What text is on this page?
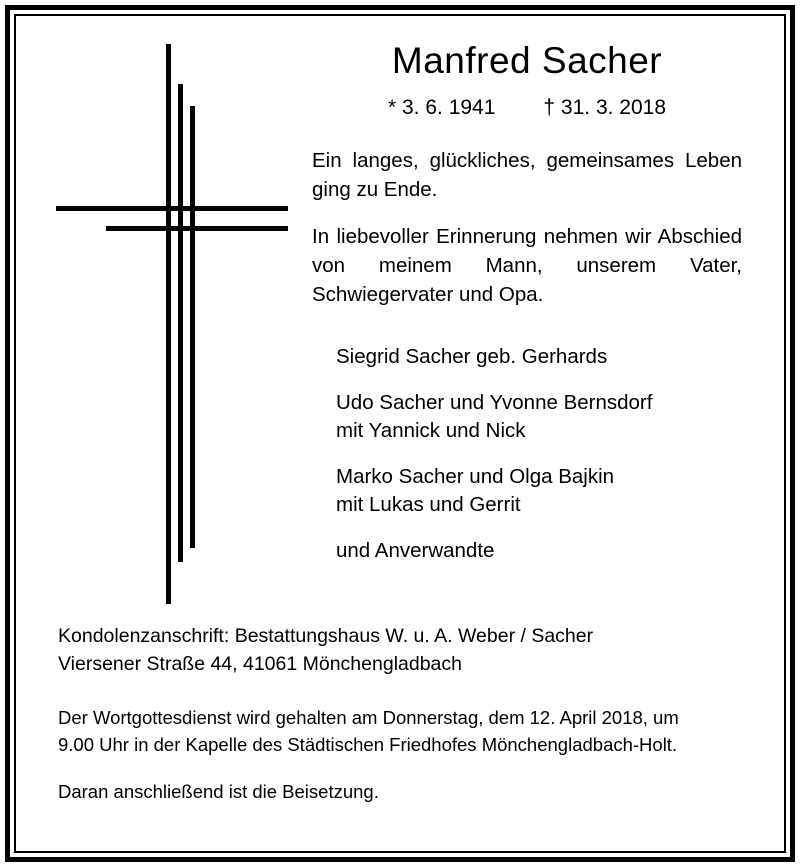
Manfred Sacher
* 3. 6. 1941 † 31. 3. 2018

Ein langes, glückliches, gemeinsames Leben ging zu Ende.

In liebevoller Erinnerung nehmen wir Abschied von meinem Mann, unserem Vater, Schwiegervater und Opa.

Siegrid Sacher geb. Gerhards
Udo Sacher und Yvonne Bernsdorf
mit Yannick und Nick
Marko Sacher und Olga Bajkin
mit Lukas und Gerrit
und Anverwandte
Kondolenzanschrift: Bestattungshaus W. u. A. Weber / Sacher
Viersener Straße 44, 41061 Mönchengladbach
Der Wortgottesdienst wird gehalten am Donnerstag, dem 12. April 2018, um
9.00 Uhr in der Kapelle des Städtischen Friedhofes Mönchengladbach-Holt.
Daran anschließend ist die Beisetzung.
